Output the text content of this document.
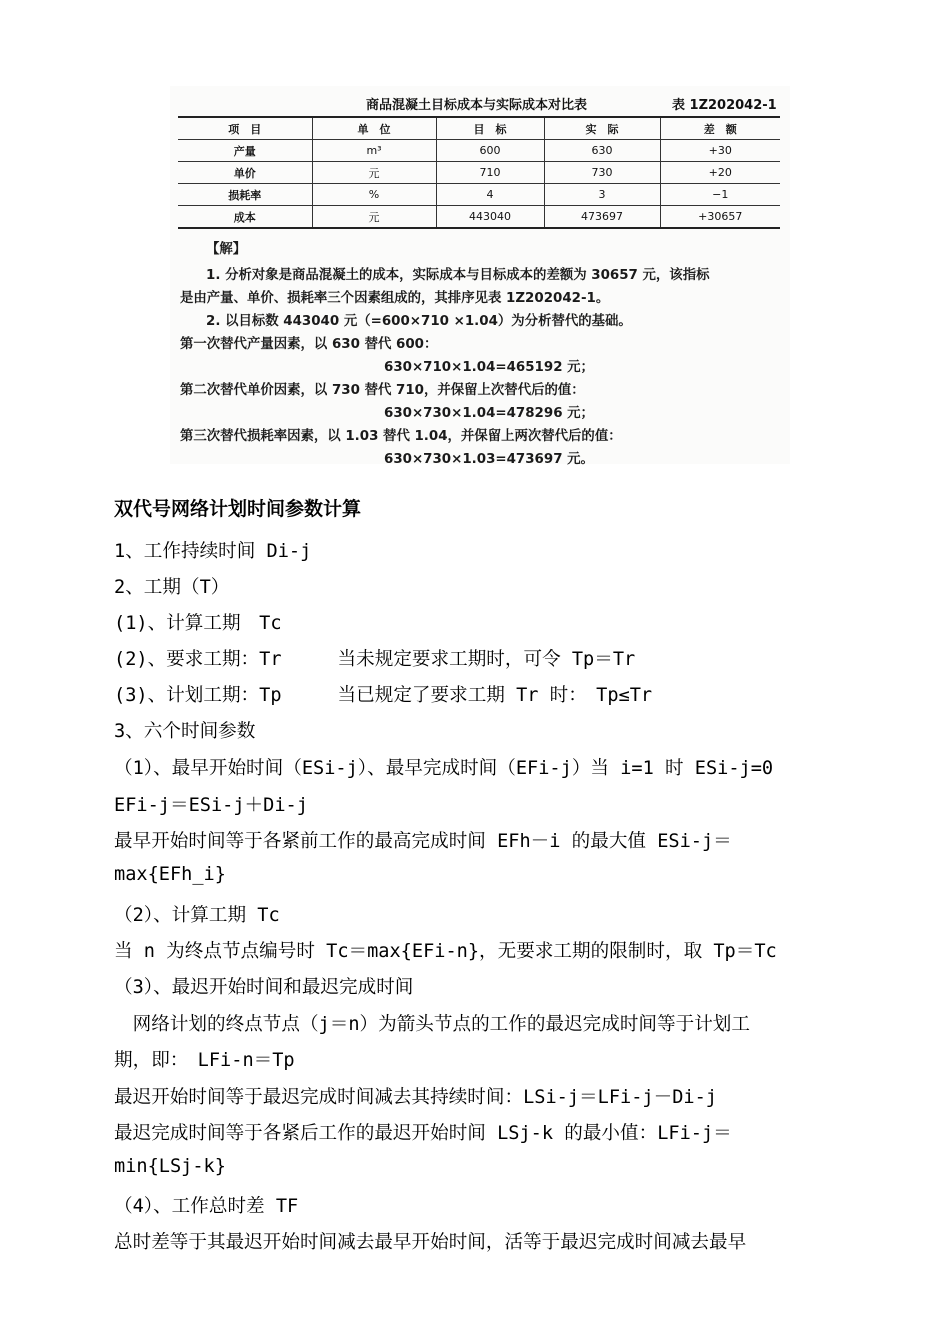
商品混凝土目标成本与实际成本对比表	表 1Z202042-1
项　目	单　位	目　标	实　际	差　额
产量	m³	600	630	+30
单价	元	710	730	+20
损耗率	%	4	3	−1
成本	元	443040	473697	+30657
【解】
1. 分析对象是商品混凝土的成本，实际成本与目标成本的差额为 30657 元，该指标
是由产量、单价、损耗率三个因素组成的，其排序见表 1Z202042-1。
2. 以目标数 443040 元（=600×710 ×1.04）为分析替代的基础。
第一次替代产量因素，以 630 替代 600：
630×710×1.04=465192 元；
第二次替代单价因素，以 730 替代 710，并保留上次替代后的值：
630×730×1.04=478296 元；
第三次替代损耗率因素，以 1.03 替代 1.04，并保留上两次替代后的值：
630×730×1.03=473697 元。
双代号网络计划时间参数计算
1、工作持续时间 Di-j
2、工期（T）
(1)、计算工期　Tc
(2)、要求工期：Tr	当未规定要求工期时，可令 Tp＝Tr
(3)、计划工期：Tp	当已规定了要求工期 Tr 时：　Tp≤Tr
3、六个时间参数
（1）、最早开始时间（ESi-j）、最早完成时间（EFi-j）当 i=1 时 ESi-j=0
EFi-j＝ESi-j＋Di-j
最早开始时间等于各紧前工作的最高完成时间 EFh－i 的最大值 ESi-j＝
max{EFh_i}
（2）、计算工期 Tc
当 n 为终点节点编号时 Tc＝max{EFi-n}，无要求工期的限制时，取 Tp＝Tc
（3）、最迟开始时间和最迟完成时间
　网络计划的终点节点（j＝n）为箭头节点的工作的最迟完成时间等于计划工
期，即：　LFi-n＝Tp
最迟开始时间等于最迟完成时间减去其持续时间：LSi-j＝LFi-j－Di-j
最迟完成时间等于各紧后工作的最迟开始时间 LSj-k 的最小值：LFi-j＝
min{LSj-k}
（4）、工作总时差 TF
总时差等于其最迟开始时间减去最早开始时间，活等于最迟完成时间减去最早
